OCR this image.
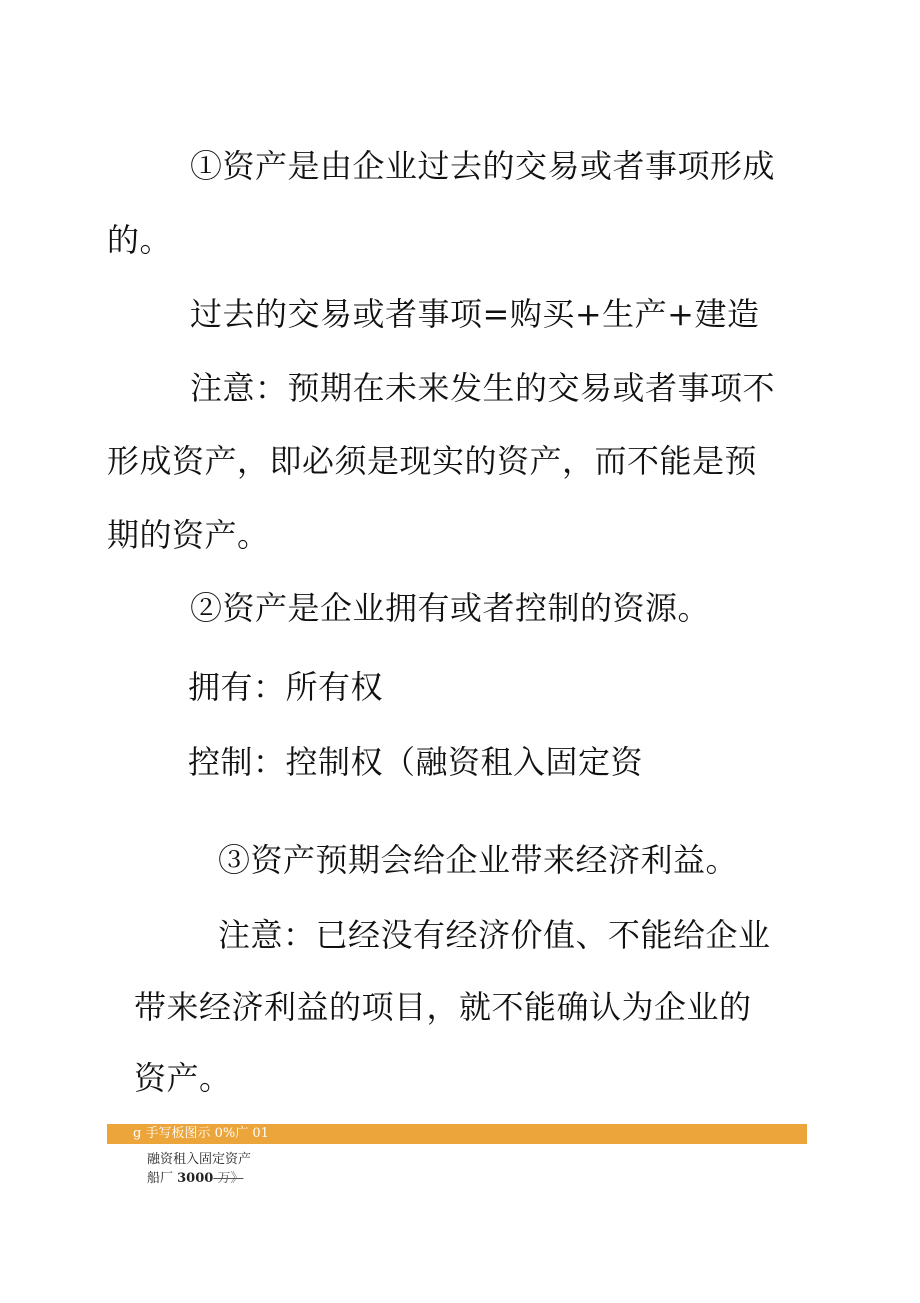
①资产是由企业过去的交易或者事项形成
的。
过去的交易或者事项=购买+生产+建造
注意：预期在未来发生的交易或者事项不
形成资产，即必须是现实的资产，而不能是预
期的资产。
②资产是企业拥有或者控制的资源。
拥有：所有权
控制：控制权（融资租入固定资
③资产预期会给企业带来经济利益。
注意：已经没有经济价值、不能给企业
带来经济利益的项目，就不能确认为企业的
资产。
g 手写板图示 0%广 01
融资租入固定资产
船厂 3000 万》
